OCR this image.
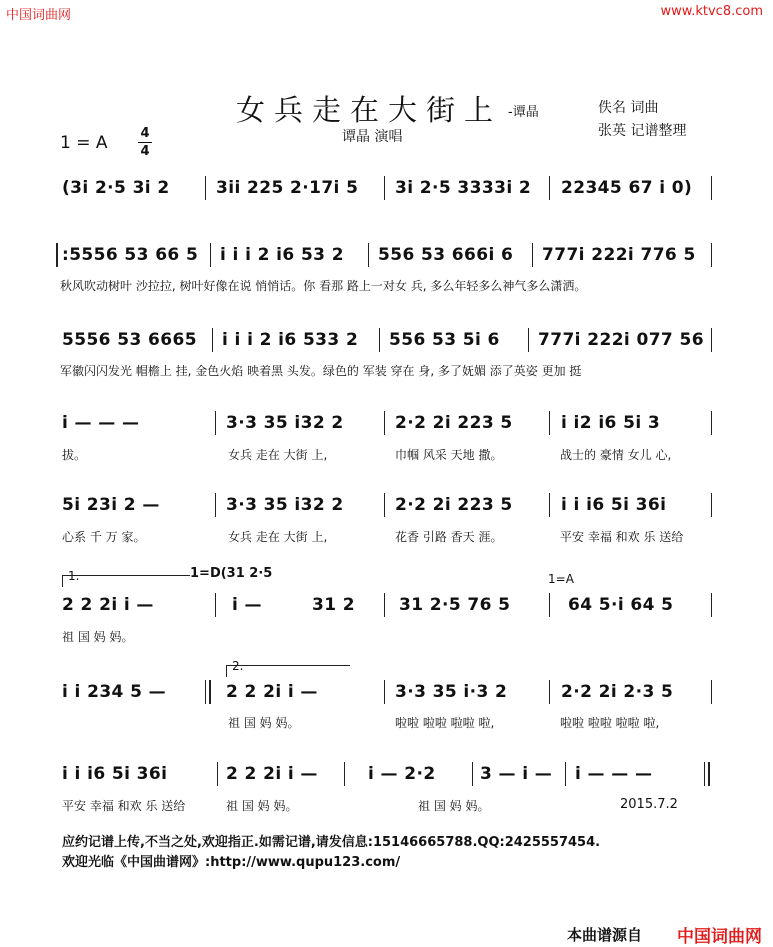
中国词曲网	www.ktvc8.com
女兵走在大街上 -谭晶	佚名 词曲
张英 记谱整理
谭晶 演唱
1 = A	4
4
(3i 2·5 3i 2	3ii 225 2·17i 5 3i 2·5 3333i 2 22345 67 i 0)
:5556 53 66 5 i i i 2 i6 53 2 556 53 666i 6 777i 222i 776 5
秋风吹动树叶 沙拉拉, 树叶好像在说 悄悄话。你 看那 路上一对女 兵, 多么年轻多么神气多么潇洒。
5556 53 6665 i i i 2 i6 533 2 556 53 5i 6 777i 222i 077 56
军徽闪闪发光 帽檐上 挂, 金色火焰 映着黑 头发。绿色的 军装 穿在 身, 多了妩媚 添了英姿 更加 挺
i — — —	3·3 35 i32 2	2·2 2i 223 5	i i2 i6 5i 3
拔。	女兵 走在 大街 上,	巾帼 风采 天地 撒。	战士的 豪情 女儿 心,
5i 23i 2 —	3·3 35 i32 2	2·2 2i 223 5	i i i6 5i 36i
心系 千 万 家。	女兵 走在 大街 上,	花香 引路 香天 涯。	平安 幸福 和欢 乐 送给
1.	1=D(31 2·5	1=A
2 2 2i i —	i —	31 2	31 2·5 76 5	64 5·i 64 5
祖 国 妈 妈。
i i 234 5 —
2.
2 2 2i i —	3·3 35 i·3 2	2·2 2i 2·3 5
祖 国 妈 妈。	啦啦 啦啦 啦啦 啦,	啦啦 啦啦 啦啦 啦,
i i i6 5i 36i	2 2 2i i —	i — 2·2	3 — i — i — — —
平安 幸福 和欢 乐 送给	祖 国 妈 妈。	祖 国 妈 妈。	2015.7.2
应约记谱上传,不当之处,欢迎指正.如需记谱,请发信息:15146665788.QQ:2425557454.
欢迎光临《中国曲谱网》:http://www.qupu123.com/
本曲谱源自 中国词曲网
